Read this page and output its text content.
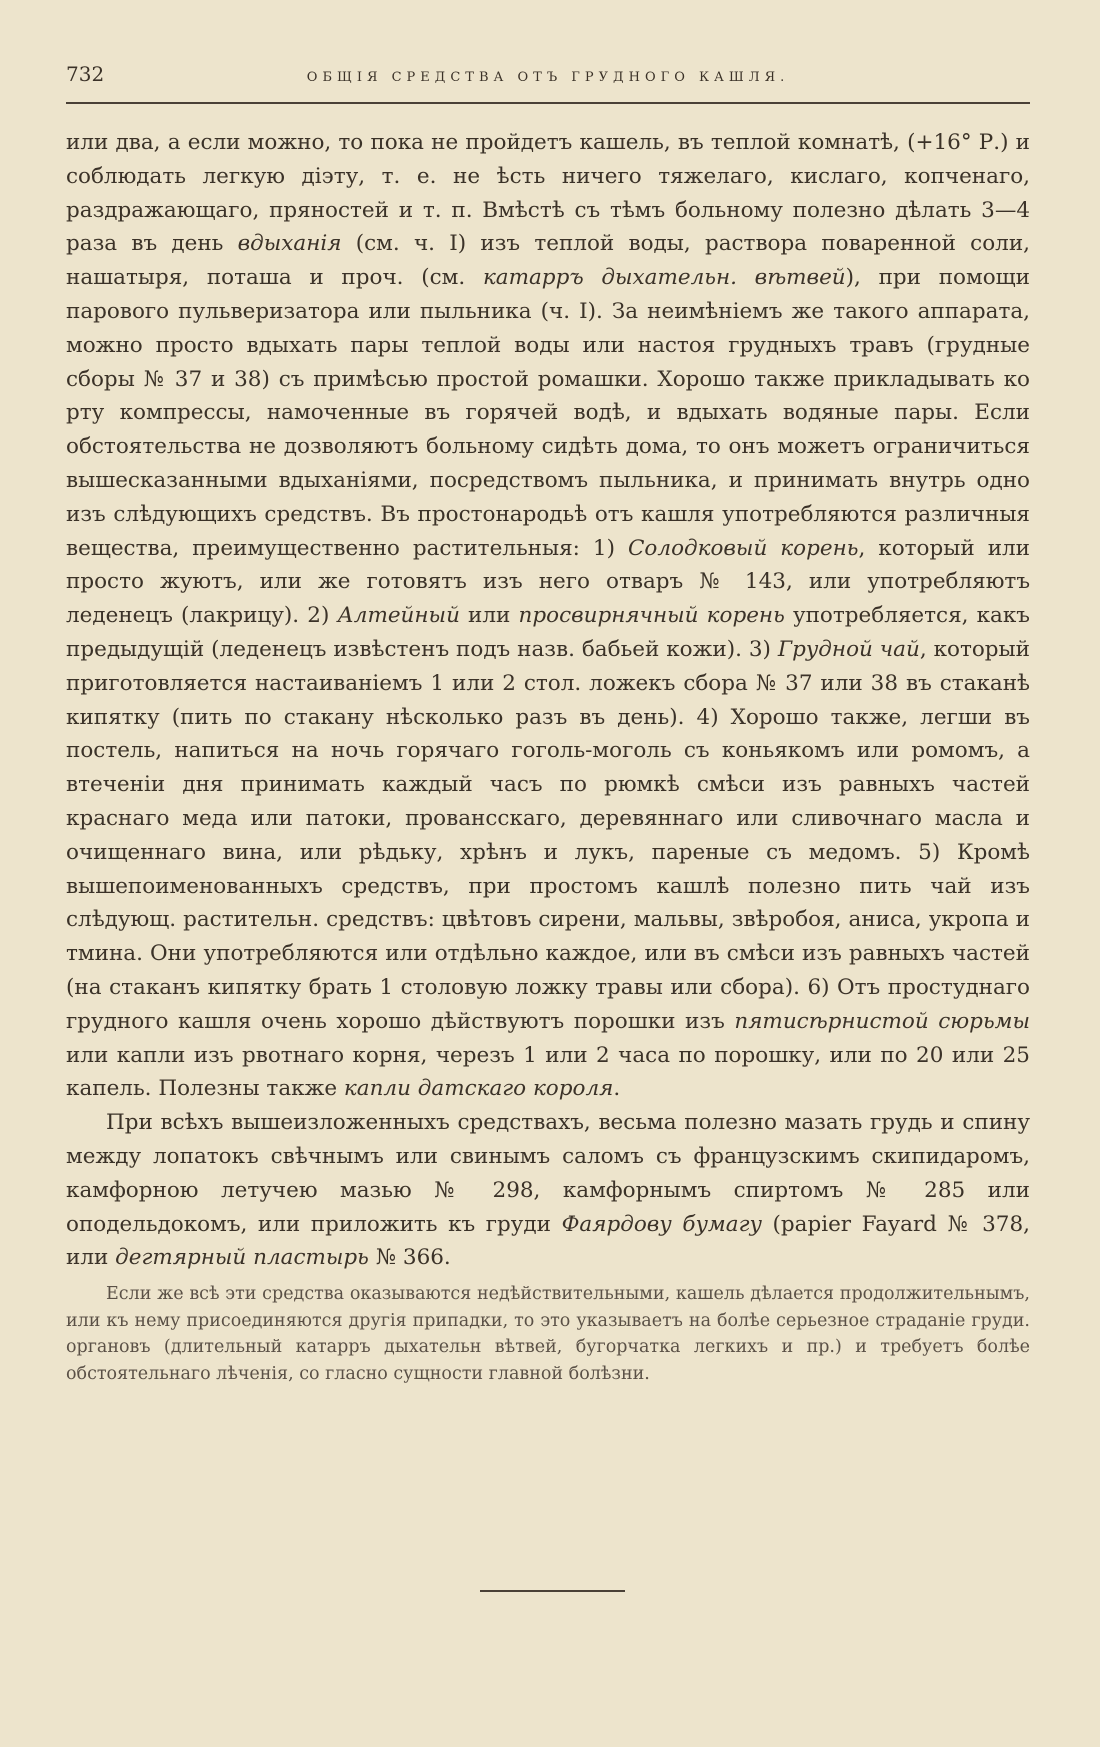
732	ОБЩІЯ СРЕДСТВА ОТЪ ГРУДНОГО КАШЛЯ.

или два, а если можно, то пока не пройдетъ кашель, въ теплой комнатѣ, (+16° Р.) и соблюдать легкую діэту, т. е. не ѣсть ничего тяжелаго, кислаго, копченаго, раздражающаго, пряностей и т. п. Вмѣстѣ съ тѣмъ больному полезно дѣлать 3—4 раза въ день вдыханія (см. ч. I) изъ теплой воды, раствора поваренной соли, нашатыря, поташа и проч. (см. катарръ дыхательн. вѣтвей), при помощи парового пульверизатора или пыльника (ч. I). За неимѣніемъ же такого аппарата, можно просто вдыхать пары теплой воды или настоя грудныхъ травъ (грудные сборы № 37 и 38) съ примѣсью простой ромашки. Хорошо также прикладывать ко рту компрессы, намоченные въ горячей водѣ, и вдыхать водяные пары. Если обстоятельства не дозволяютъ больному сидѣть дома, то онъ можетъ ограничиться вышесказанными вдыханіями, посредствомъ пыльника, и принимать внутрь одно изъ слѣдующихъ средствъ. Въ простонародьѣ отъ кашля употребляются различныя вещества, преимущественно растительныя: 1) Солодковый корень, который или просто жуютъ, или же готовятъ изъ него отваръ № 143, или употребляютъ леденецъ (лакрицу). 2) Алтейный или просвирнячный корень употребляется, какъ предыдущій (леденецъ извѣстенъ подъ назв. бабьей кожи). 3) Грудной чай, который приготовляется настаиваніемъ 1 или 2 стол. ложекъ сбора № 37 или 38 въ стаканѣ кипятку (пить по стакану нѣсколько разъ въ день). 4) Хорошо также, легши въ постель, напиться на ночь горячаго гоголь-моголь съ коньякомъ или ромомъ, а втеченіи дня принимать каждый часъ по рюмкѣ смѣси изъ равныхъ частей краснаго меда или патоки, провансскаго, деревяннаго или сливочнаго масла и очищеннаго вина, или рѣдьку, хрѣнъ и лукъ, пареные съ медомъ. 5) Кромѣ вышепоименованныхъ средствъ, при простомъ кашлѣ полезно пить чай изъ слѣдующ. растительн. средствъ: цвѣтовъ сирени, мальвы, звѣробоя, аниса, укропа и тмина. Они употребляются или отдѣльно каждое, или въ смѣси изъ равныхъ частей (на стаканъ кипятку брать 1 столовую ложку травы или сбора). 6) Отъ простуднаго грудного кашля очень хорошо дѣйствуютъ порошки изъ пятисѣрнистой сюрьмы или капли изъ рвотнаго корня, черезъ 1 или 2 часа по порошку, или по 20 или 25 капель. Полезны также капли датскаго короля.

При всѣхъ вышеизложенныхъ средствахъ, весьма полезно мазать грудь и спину между лопатокъ свѣчнымъ или свинымъ саломъ съ французскимъ скипидаромъ, камфорною летучею мазью № 298, камфорнымъ спиртомъ № 285 или оподельдокомъ, или приложить къ груди Фаярдову бумагу (papier Fayard № 378, или дегтярный пластырь № 366.

Если же всѣ эти средства оказываются недѣйствительными, кашель дѣлается продолжительнымъ, или къ нему присоединяются другія припадки, то это указываетъ на болѣе серьезное страданіе груди. органовъ (длительный катарръ дыхательн вѣтвей, бугорчатка легкихъ и пр.) и требуетъ болѣе обстоятельнаго лѣченія, со гласно сущности главной болѣзни.
